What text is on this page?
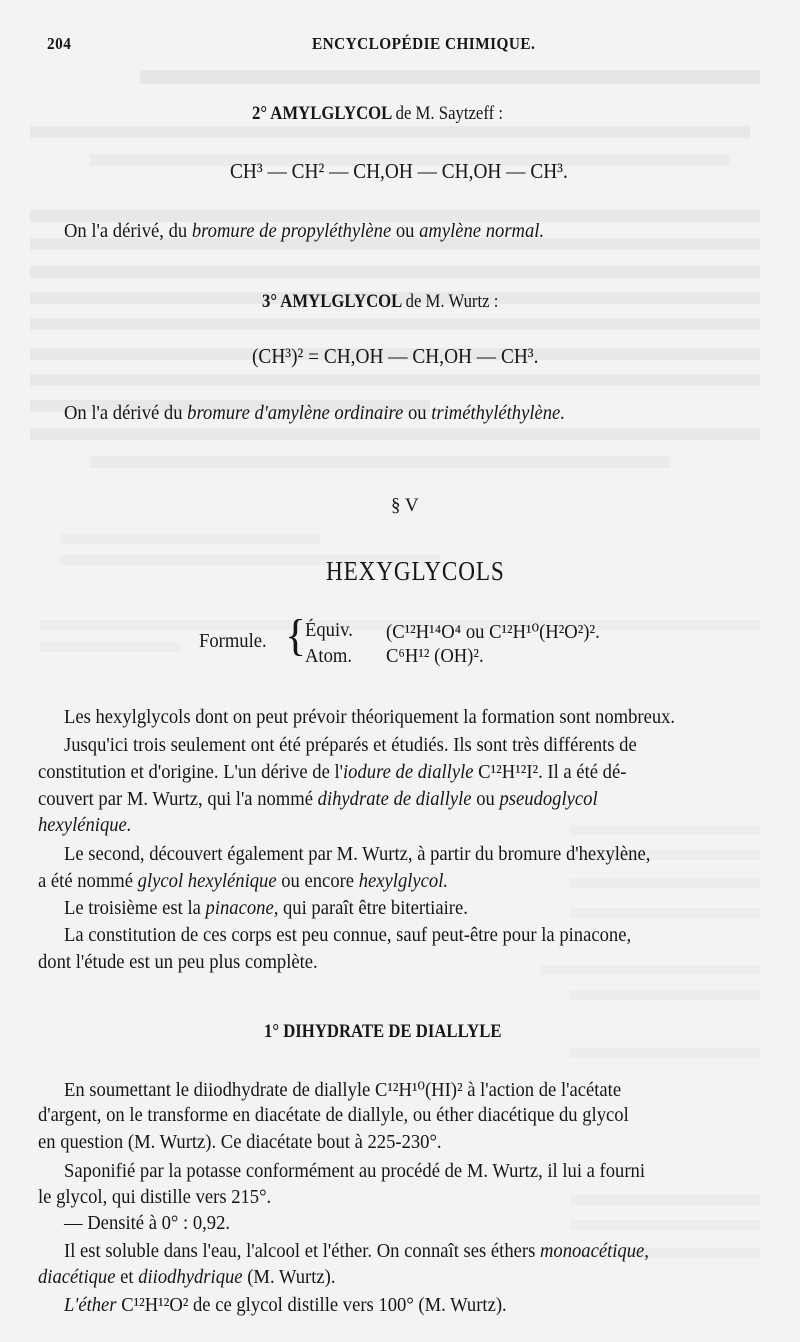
204	ENCYCLOPÉDIE CHIMIQUE.
2° AMYLGLYCOL de M. Saytzeff :
CH³ — CH² — CH,OH — CH,OH — CH³.
On l'a dérivé, du bromure de propyléthylène ou amylène normal.
3° AMYLGLYCOL de M. Wurtz :
(CH³)² = CH,OH — CH,OH — CH³.
On l'a dérivé du bromure d'amylène ordinaire ou triméthyléthylène.
§ V
HEXYGLYCOLS
Formule. {
Équiv. (C¹²H¹⁴O⁴ ou C¹²H¹⁰(H²O²)².
Atom. C⁶H¹² (OH)².
Les hexylglycols dont on peut prévoir théoriquement la formation sont nombreux.
Jusqu'ici trois seulement ont été préparés et étudiés. Ils sont très différents de
constitution et d'origine. L'un dérive de l'iodure de diallyle C¹²H¹²I². Il a été dé-
couvert par M. Wurtz, qui l'a nommé dihydrate de diallyle ou pseudoglycol
hexylénique.
Le second, découvert également par M. Wurtz, à partir du bromure d'hexylène,
a été nommé glycol hexylénique ou encore hexylglycol.
Le troisième est la pinacone, qui paraît être bitertiaire.
La constitution de ces corps est peu connue, sauf peut-être pour la pinacone,
dont l'étude est un peu plus complète.
1° DIHYDRATE DE DIALLYLE
En soumettant le diiodhydrate de diallyle C¹²H¹⁰(HI)² à l'action de l'acétate
d'argent, on le transforme en diacétate de diallyle, ou éther diacétique du glycol
en question (M. Wurtz). Ce diacétate bout à 225-230°.
Saponifié par la potasse conformément au procédé de M. Wurtz, il lui a fourni
le glycol, qui distille vers 215°.
— Densité à 0° : 0,92.
Il est soluble dans l'eau, l'alcool et l'éther. On connaît ses éthers monoacétique,
diacétique et diiodhydrique (M. Wurtz).
L'éther C¹²H¹²O² de ce glycol distille vers 100° (M. Wurtz).
